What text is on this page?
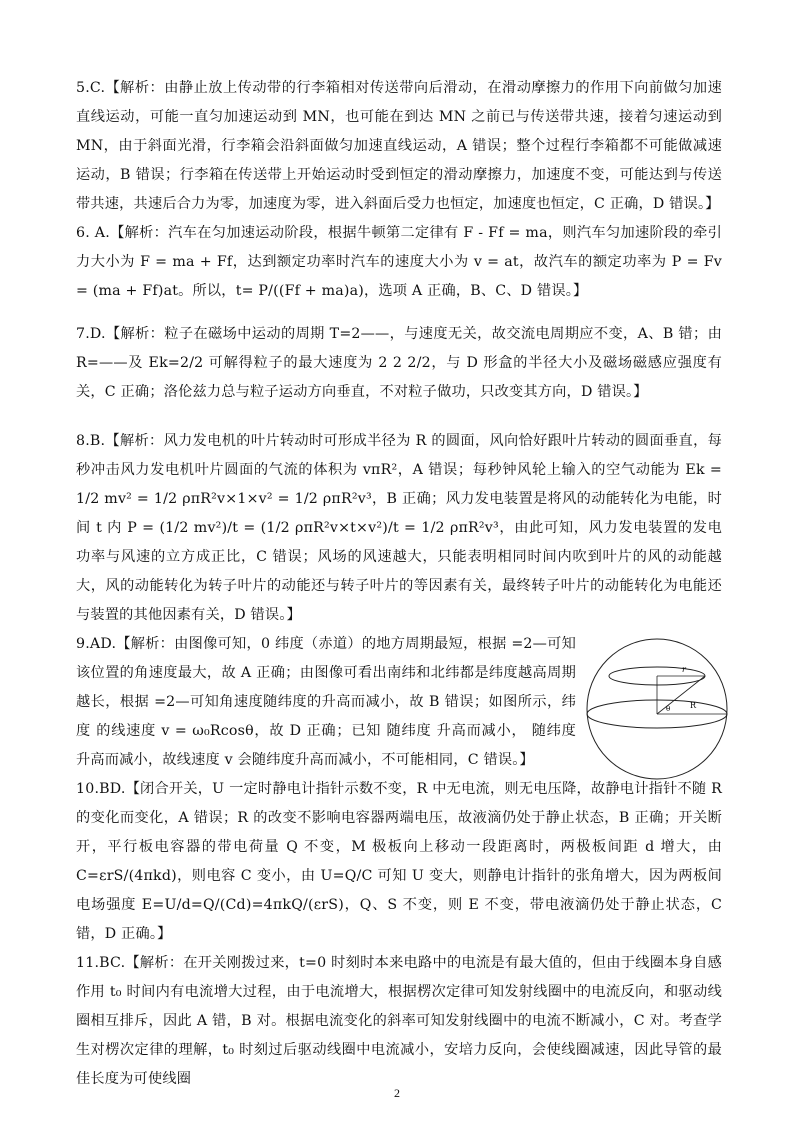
5.C.【解析：由静止放上传动带的行李箱相对传送带向后滑动，在滑动摩擦力的作用下向前做匀加速直线运动，可能一直匀加速运动到 MN，也可能在到达 MN 之前已与传送带共速，接着匀速运动到 MN，由于斜面光滑，行李箱会沿斜面做匀加速直线运动，A 错误；整个过程行李箱都不可能做减速运动，B 错误；行李箱在传送带上开始运动时受到恒定的滑动摩擦力，加速度不变，可能达到与传送带共速，共速后合力为零，加速度为零，进入斜面后受力也恒定，加速度也恒定，C 正确，D 错误。】

6. A.【解析：汽车在匀加速运动阶段，根据牛顿第二定律有 F - Ff = ma，则汽车匀加速阶段的牵引力大小为 F = ma + Ff，达到额定功率时汽车的速度大小为 v = at，故汽车的额定功率为 P = Fv = (ma + Ff)at。所以，t= P/((Ff + ma)a)，选项 A 正确，B、C、D 错误。】

7.D.【解析：粒子在磁场中运动的周期 T=2——，与速度无关，故交流电周期应不变，A、B 错；由 R=——及 Ek=2/2 可解得粒子的最大速度为 2 2 2/2，与 D 形盒的半径大小及磁场磁感应强度有关，C 正确；洛伦兹力总与粒子运动方向垂直，不对粒子做功，只改变其方向，D 错误。】

8.B.【解析：风力发电机的叶片转动时可形成半径为 R 的圆面，风向恰好跟叶片转动的圆面垂直，每秒冲击风力发电机叶片圆面的气流的体积为 vπR²，A 错误；每秒钟风轮上输入的空气动能为 Ek = 1/2 mv² = 1/2 ρπR²v×1×v² = 1/2 ρπR²v³，B 正确；风力发电装置是将风的动能转化为电能，时间 t 内 P = (1/2 mv²)/t = (1/2 ρπR²v×t×v²)/t = 1/2 ρπR²v³，由此可知，风力发电装置的发电功率与风速的立方成正比，C 错误；风场的风速越大，只能表明相同时间内吹到叶片的风的动能越大，风的动能转化为转子叶片的动能还与转子叶片的等因素有关，最终转子叶片的动能转化为电能还与装置的其他因素有关，D 错误。】

9.AD.【解析：由图像可知，0 纬度（赤道）的地方周期最短，根据 =2—可知该位置的角速度最大，故 A 正确；由图像可看出南纬和北纬都是纬度越高周期越长，根据 =2—可知角速度随纬度的升高而减小，故 B 错误；如图所示，纬度 的线速度 v = ω₀Rcosθ，故 D 正确；已知 随纬度 升高而减小， 随纬度 升高而减小，故线速度 v 会随纬度升高而减小，不可能相同，C 错误。】

r
R
θ

10.BD.【闭合开关，U 一定时静电计指针示数不变，R 中无电流，则无电压降，故静电计指针不随 R 的变化而变化，A 错误；R 的改变不影响电容器两端电压，故液滴仍处于静止状态，B 正确；开关断开，平行板电容器的带电荷量 Q 不变，M 极板向上移动一段距离时，两极板间距 d 增大，由 C=εrS/(4πkd)，则电容 C 变小，由 U=Q/C 可知 U 变大，则静电计指针的张角增大，因为两板间电场强度 E=U/d=Q/(Cd)=4πkQ/(εrS)，Q、S 不变，则 E 不变，带电液滴仍处于静止状态，C 错，D 正确。】

11.BC.【解析：在开关刚拨过来，t=0 时刻时本来电路中的电流是有最大值的，但由于线圈本身自感作用 t₀ 时间内有电流增大过程，由于电流增大，根据楞次定律可知发射线圈中的电流反向，和驱动线圈相互排斥，因此 A 错，B 对。根据电流变化的斜率可知发射线圈中的电流不断减小，C 对。考查学生对楞次定律的理解，t₀ 时刻过后驱动线圈中电流减小，安培力反向，会使线圈减速，因此导管的最佳长度为可使线圈

2
